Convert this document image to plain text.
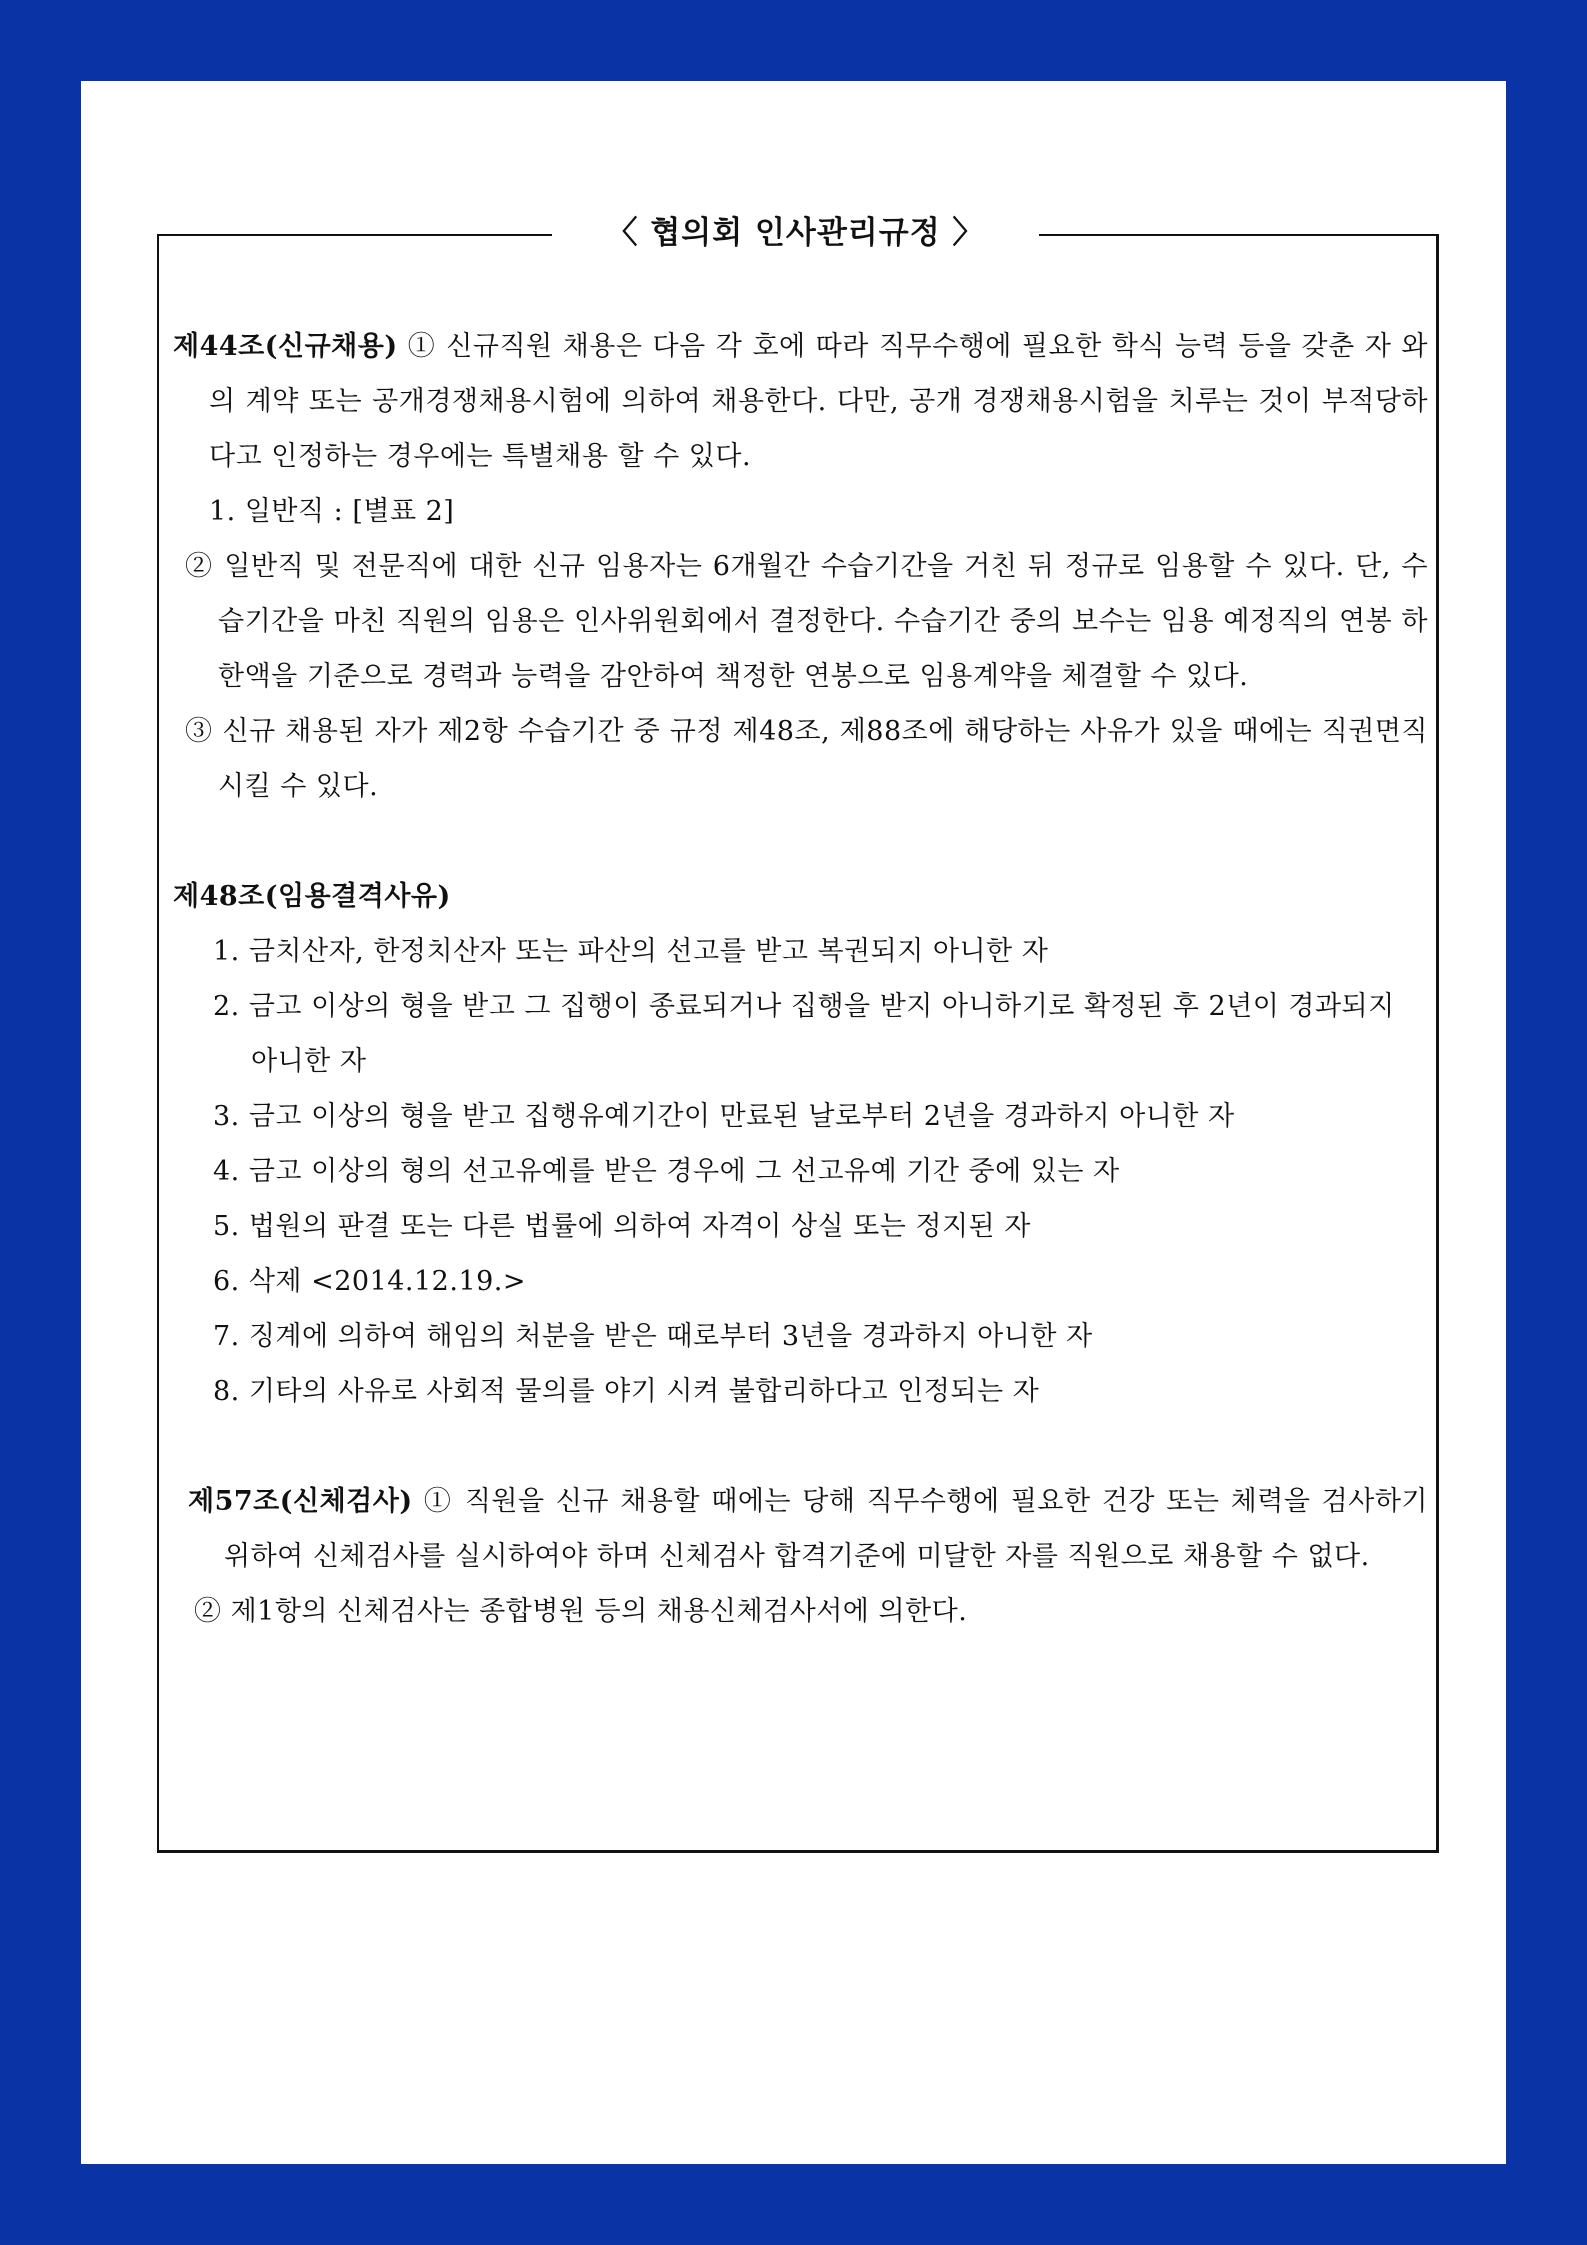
〈 협의회 인사관리규정 〉

제44조(신규채용) ① 신규직원 채용은 다음 각 호에 따라 직무수행에 필요한 학식 능력 등을 갖춘 자 와의 계약 또는 공개경쟁채용시험에 의하여 채용한다. 다만, 공개 경쟁채용시험을 치루는 것이 부적당하다고 인정하는 경우에는 특별채용 할 수 있다.

1. 일반직 : [별표 2]

② 일반직 및 전문직에 대한 신규 임용자는 6개월간 수습기간을 거친 뒤 정규로 임용할 수 있다. 단, 수습기간을 마친 직원의 임용은 인사위원회에서 결정한다. 수습기간 중의 보수는 임용 예정직의 연봉 하한액을 기준으로 경력과 능력을 감안하여 책정한 연봉으로 임용계약을 체결할 수 있다.

③ 신규 채용된 자가 제2항 수습기간 중 규정 제48조, 제88조에 해당하는 사유가 있을 때에는 직권면직 시킬 수 있다.

제48조(임용결격사유)

1. 금치산자, 한정치산자 또는 파산의 선고를 받고 복권되지 아니한 자

2. 금고 이상의 형을 받고 그 집행이 종료되거나 집행을 받지 아니하기로 확정된 후 2년이 경과되지 아니한 자

3. 금고 이상의 형을 받고 집행유예기간이 만료된 날로부터 2년을 경과하지 아니한 자

4. 금고 이상의 형의 선고유예를 받은 경우에 그 선고유예 기간 중에 있는 자

5. 법원의 판결 또는 다른 법률에 의하여 자격이 상실 또는 정지된 자

6. 삭제 <2014.12.19.>

7. 징계에 의하여 해임의 처분을 받은 때로부터 3년을 경과하지 아니한 자

8. 기타의 사유로 사회적 물의를 야기 시켜 불합리하다고 인정되는 자

제57조(신체검사) ① 직원을 신규 채용할 때에는 당해 직무수행에 필요한 건강 또는 체력을 검사하기 위하여 신체검사를 실시하여야 하며 신체검사 합격기준에 미달한 자를 직원으로 채용할 수 없다.

② 제1항의 신체검사는 종합병원 등의 채용신체검사서에 의한다.
